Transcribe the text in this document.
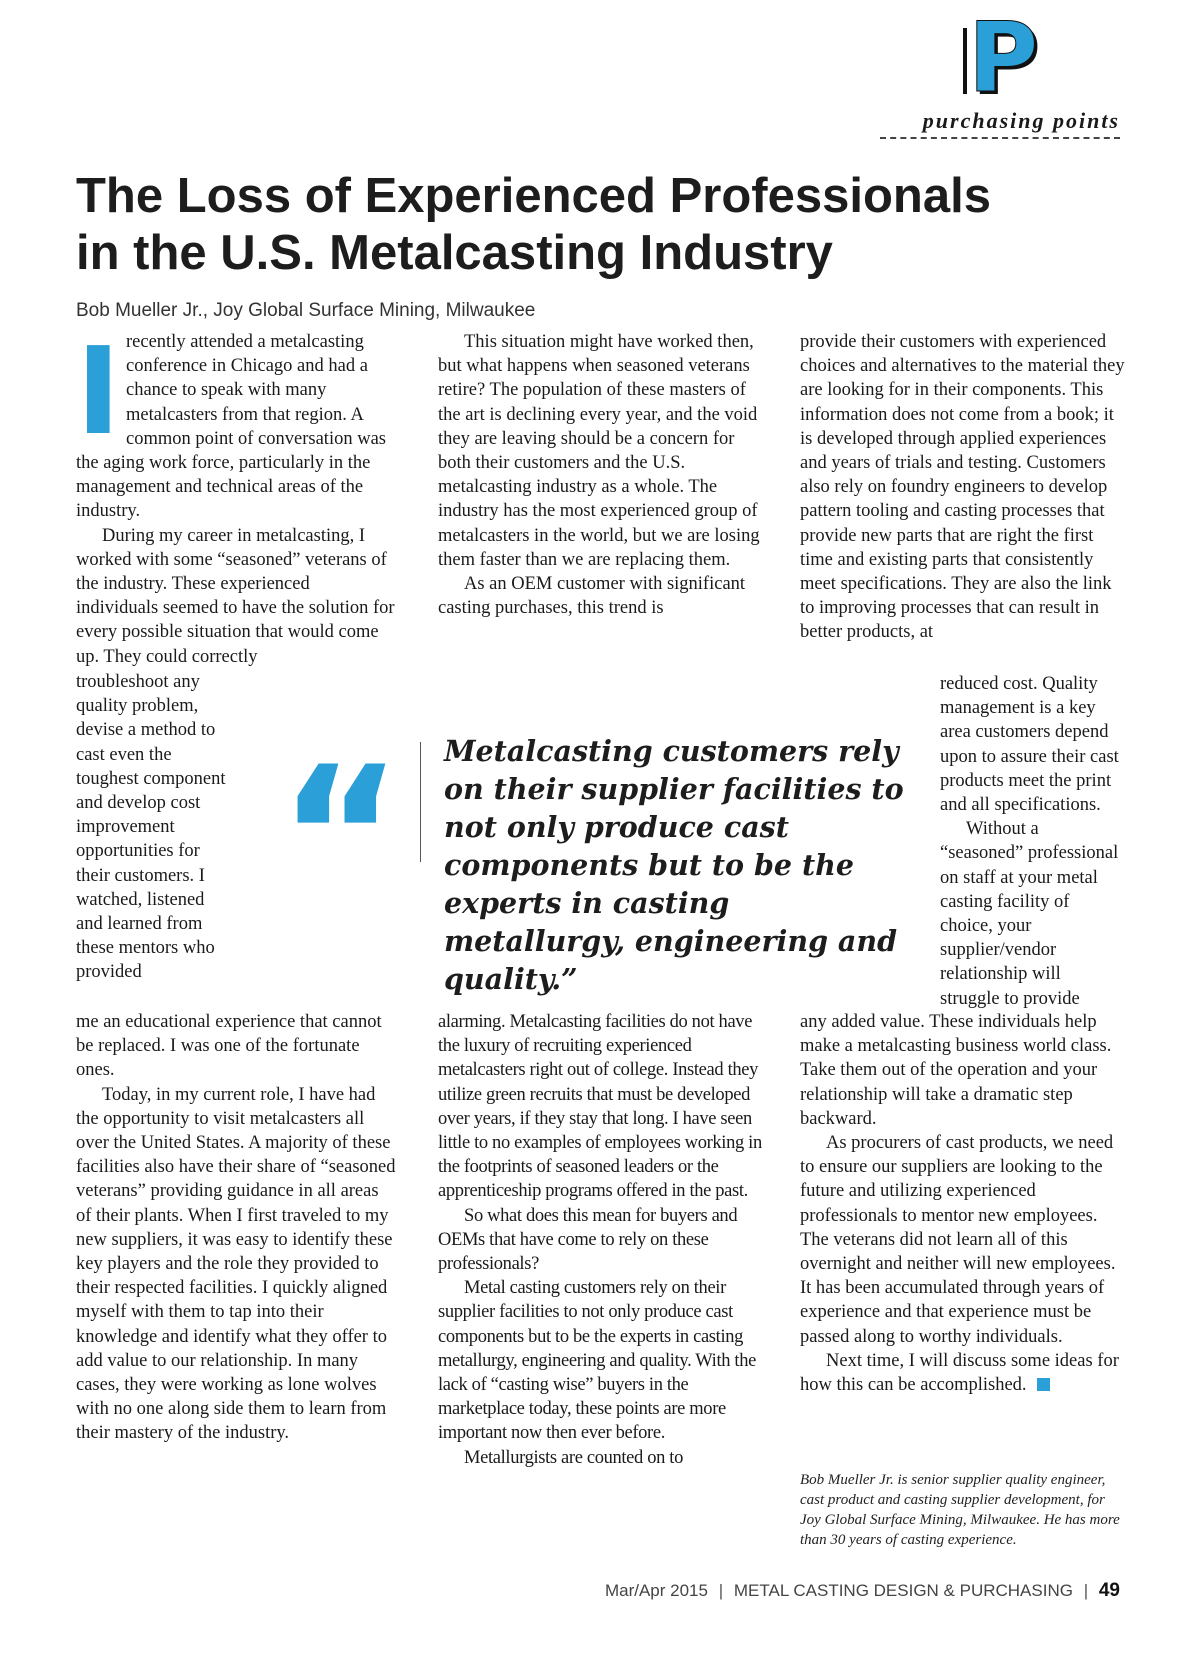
P
purchasing points
The Loss of Experienced Professionals
in the U.S. Metalcasting Industry
Bob Mueller Jr., Joy Global Surface Mining, Milwaukee

Irecently attended a metalcasting conference in Chicago and had a chance to speak with many metalcasters from that region. A common point of conversation was the aging work force, particularly in the management and technical areas of the industry.

During my career in metalcasting, I worked with some “seasoned” veterans of the industry. These experienced individuals seemed to have the solution for every possible situation that would come up. They could correctly

troubleshoot any quality problem, devise a method to cast even the toughest component and develop cost improvement opportunities for their customers. I watched, listened and learned from these mentors who provided

me an educational experience that cannot be replaced. I was one of the fortunate ones.

Today, in my current role, I have had the opportunity to visit metalcasters all over the United States. A majority of these facilities also have their share of “seasoned veterans” providing guidance in all areas of their plants. When I first traveled to my new suppliers, it was easy to identify these key players and the role they provided to their respected facilities. I quickly aligned myself with them to tap into their knowledge and identify what they offer to add value to our relationship. In many cases, they were working as lone wolves with no one along side them to learn from their mastery of the industry.

This situation might have worked then, but what happens when seasoned veterans retire? The population of these masters of the art is declining every year, and the void they are leaving should be a concern for both their customers and the U.S. metalcasting industry as a whole. The industry has the most experienced group of metalcasters in the world, but we are losing them faster than we are replacing them.

As an OEM customer with significant casting purchases, this trend is

alarming. Metalcasting facilities do not have the luxury of recruiting experienced metalcasters right out of college. Instead they utilize green recruits that must be developed over years, if they stay that long. I have seen little to no examples of employees working in the footprints of seasoned leaders or the apprenticeship programs offered in the past.

So what does this mean for buyers and OEMs that have come to rely on these professionals?

Metal casting customers rely on their supplier facilities to not only produce cast components but to be the experts in casting metallurgy, engineering and quality. With the lack of “casting wise” buyers in the marketplace today, these points are more important now then ever before.

Metallurgists are counted on to

provide their customers with experienced choices and alternatives to the material they are looking for in their components. This information does not come from a book; it is developed through applied experiences and years of trials and testing. Customers also rely on foundry engineers to develop pattern tooling and casting processes that provide new parts that are right the first time and existing parts that consistently meet specifications. They are also the link to improving processes that can result in better products, at

reduced cost. Quality management is a key area customers depend upon to assure their cast products meet the print and all specifications.

Without a “seasoned” professional on staff at your metal casting facility of choice, your supplier/vendor relationship will struggle to provide

any added value. These individuals help make a metalcasting business world class. Take them out of the operation and your relationship will take a dramatic step backward.

As procurers of cast products, we need to ensure our suppliers are looking to the future and utilizing experienced professionals to mentor new employees. The veterans did not learn all of this overnight and neither will new employees. It has been accumulated through years of experience and that experience must be passed along to worthy individuals.

Next time, I will discuss some ideas for how this can be accomplished.

“ Metalcasting customers rely on their supplier facilities to not only produce cast components but to be the experts in casting metallurgy, engineering and quality.”

Bob Mueller Jr. is senior supplier quality engineer, cast product and casting supplier development, for Joy Global Surface Mining, Milwaukee. He has more than 30 years of casting experience.

Mar/Apr 2015 | METAL CASTING DESIGN & PURCHASING | 49
